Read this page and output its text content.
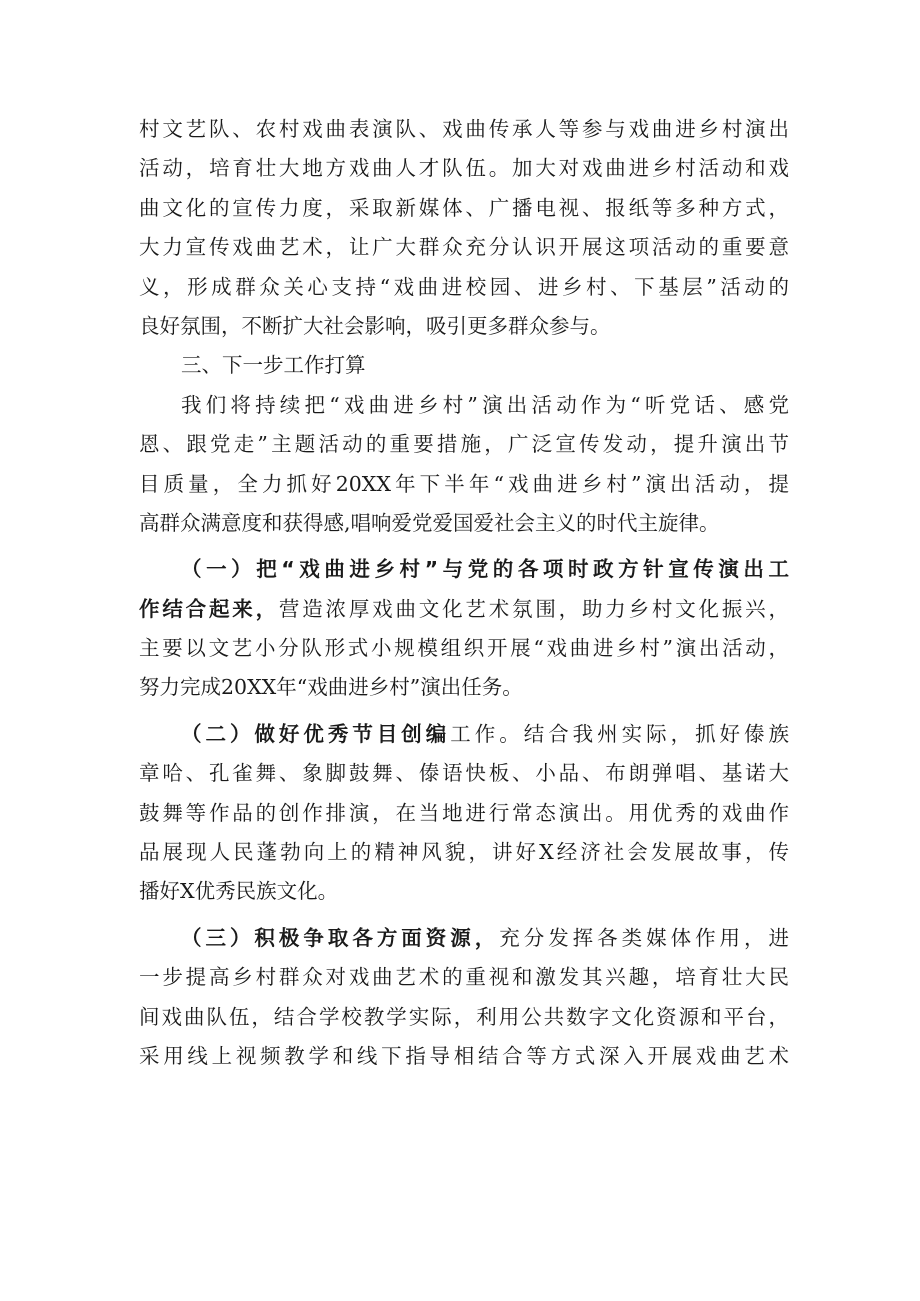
村文艺队、农村戏曲表演队、戏曲传承人等参与戏曲进乡村演出
活动，培育壮大地方戏曲人才队伍。加大对戏曲进乡村活动和戏
曲文化的宣传力度，采取新媒体、广播电视、报纸等多种方式，
大力宣传戏曲艺术，让广大群众充分认识开展这项活动的重要意
义，形成群众关心支持“戏曲进校园、进乡村、下基层”活动的
良好氛围，不断扩大社会影响，吸引更多群众参与。
三、下一步工作打算
我们将持续把“戏曲进乡村”演出活动作为“听党话、感党
恩、跟党走”主题活动的重要措施，广泛宣传发动，提升演出节
目质量，全力抓好20XX年下半年“戏曲进乡村”演出活动，提
高群众满意度和获得感,唱响爱党爱国爱社会主义的时代主旋律。
（一）把“戏曲进乡村”与党的各项时政方针宣传演出工
作结合起来，营造浓厚戏曲文化艺术氛围，助力乡村文化振兴，
主要以文艺小分队形式小规模组织开展“戏曲进乡村”演出活动，
努力完成20XX年“戏曲进乡村”演出任务。
（二）做好优秀节目创编工作。结合我州实际，抓好傣族
章哈、孔雀舞、象脚鼓舞、傣语快板、小品、布朗弹唱、基诺大
鼓舞等作品的创作排演，在当地进行常态演出。用优秀的戏曲作
品展现人民蓬勃向上的精神风貌，讲好X经济社会发展故事，传
播好X优秀民族文化。
（三）积极争取各方面资源，充分发挥各类媒体作用，进
一步提高乡村群众对戏曲艺术的重视和激发其兴趣，培育壮大民
间戏曲队伍，结合学校教学实际，利用公共数字文化资源和平台，
采用线上视频教学和线下指导相结合等方式深入开展戏曲艺术
